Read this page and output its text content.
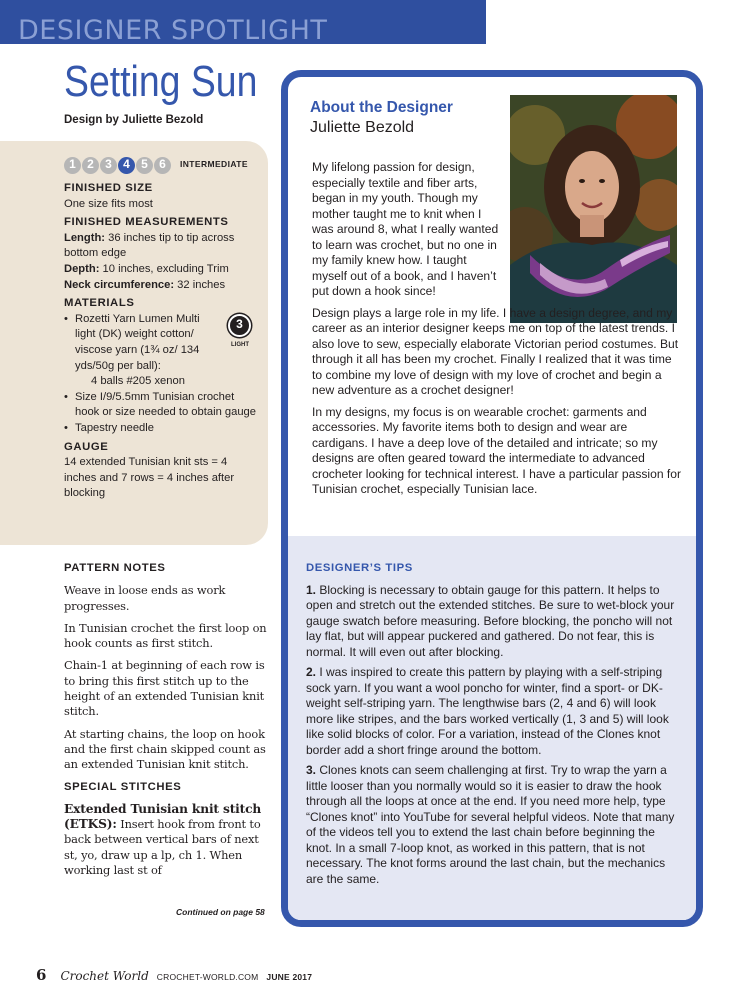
DESIGNER SPOTLIGHT
Setting Sun
Design by Juliette Bezold
1 2 3 4 5 6	INTERMEDIATE
FINISHED SIZE
One size fits most
FINISHED MEASUREMENTS
Length: 36 inches tip to tip across bottom edge
Depth: 10 inches, excluding Trim
Neck circumference: 32 inches
MATERIALS
• Rozetti Yarn Lumen Multi light (DK) weight cotton/ viscose yarn (1¾ oz/ 134 yds/50g per ball):
4 balls #205 xenon
3
LIGHT
• Size I/9/5.5mm Tunisian crochet hook or size needed to obtain gauge
• Tapestry needle
GAUGE
14 extended Tunisian knit sts = 4 inches and 7 rows = 4 inches after blocking
PATTERN NOTES

Weave in loose ends as work progresses.

In Tunisian crochet the first loop on hook counts as first stitch.

Chain-1 at beginning of each row is to bring this first stitch up to the height of an extended Tunisian knit stitch.

At starting chains, the loop on hook and the first chain skipped count as an extended Tunisian knit stitch.

SPECIAL STITCHES

Extended Tunisian knit stitch (ETKS): Insert hook from front to back between vertical bars of next st, yo, draw up a lp, ch 1. When working last st of

Continued on page 58
About the Designer
Juliette Bezold

My lifelong passion for design, especially textile and fiber arts, began in my youth. Though my mother taught me to knit when I was around 8, what I really wanted to learn was crochet, but no one in my family knew how. I taught myself out of a book, and I haven’t put down a hook since!

Design plays a large role in my life. I have a design degree, and my career as an interior designer keeps me on top of the latest trends. I also love to sew, especially elaborate Victorian period costumes. But through it all has been my crochet. Finally I realized that it was time to combine my love of design with my love of crochet and begin a new adventure as a crochet designer!

In my designs, my focus is on wearable crochet: garments and accessories. My favorite items both to design and wear are cardigans. I have a deep love of the detailed and intricate; so my designs are often geared toward the intermediate to advanced crocheter looking for technical interest. I have a particular passion for Tunisian crochet, especially Tunisian lace.

DESIGNER’S TIPS

1. Blocking is necessary to obtain gauge for this pattern. It helps to open and stretch out the extended stitches. Be sure to wet-block your gauge swatch before measuring. Before blocking, the poncho will not lay flat, but will appear puckered and gathered. Do not fear, this is normal. It will even out after blocking.

2. I was inspired to create this pattern by playing with a self-striping sock yarn. If you want a wool poncho for winter, find a sport- or DK-weight self-striping yarn. The lengthwise bars (2, 4 and 6) will look more like stripes, and the bars worked vertically (1, 3 and 5) will look like solid blocks of color. For a variation, instead of the Clones knot border add a short fringe around the bottom.

3. Clones knots can seem challenging at first. Try to wrap the yarn a little looser than you normally would so it is easier to draw the hook through all the loops at once at the end. If you need more help, type “Clones knot” into YouTube for several helpful videos. Note that many of the videos tell you to extend the last chain before beginning the knot. In a small 7-loop knot, as worked in this pattern, that is not necessary. The knot forms around the last chain, but the mechanics are the same.

6 Crochet World CROCHET-WORLD.COM JUNE 2017
